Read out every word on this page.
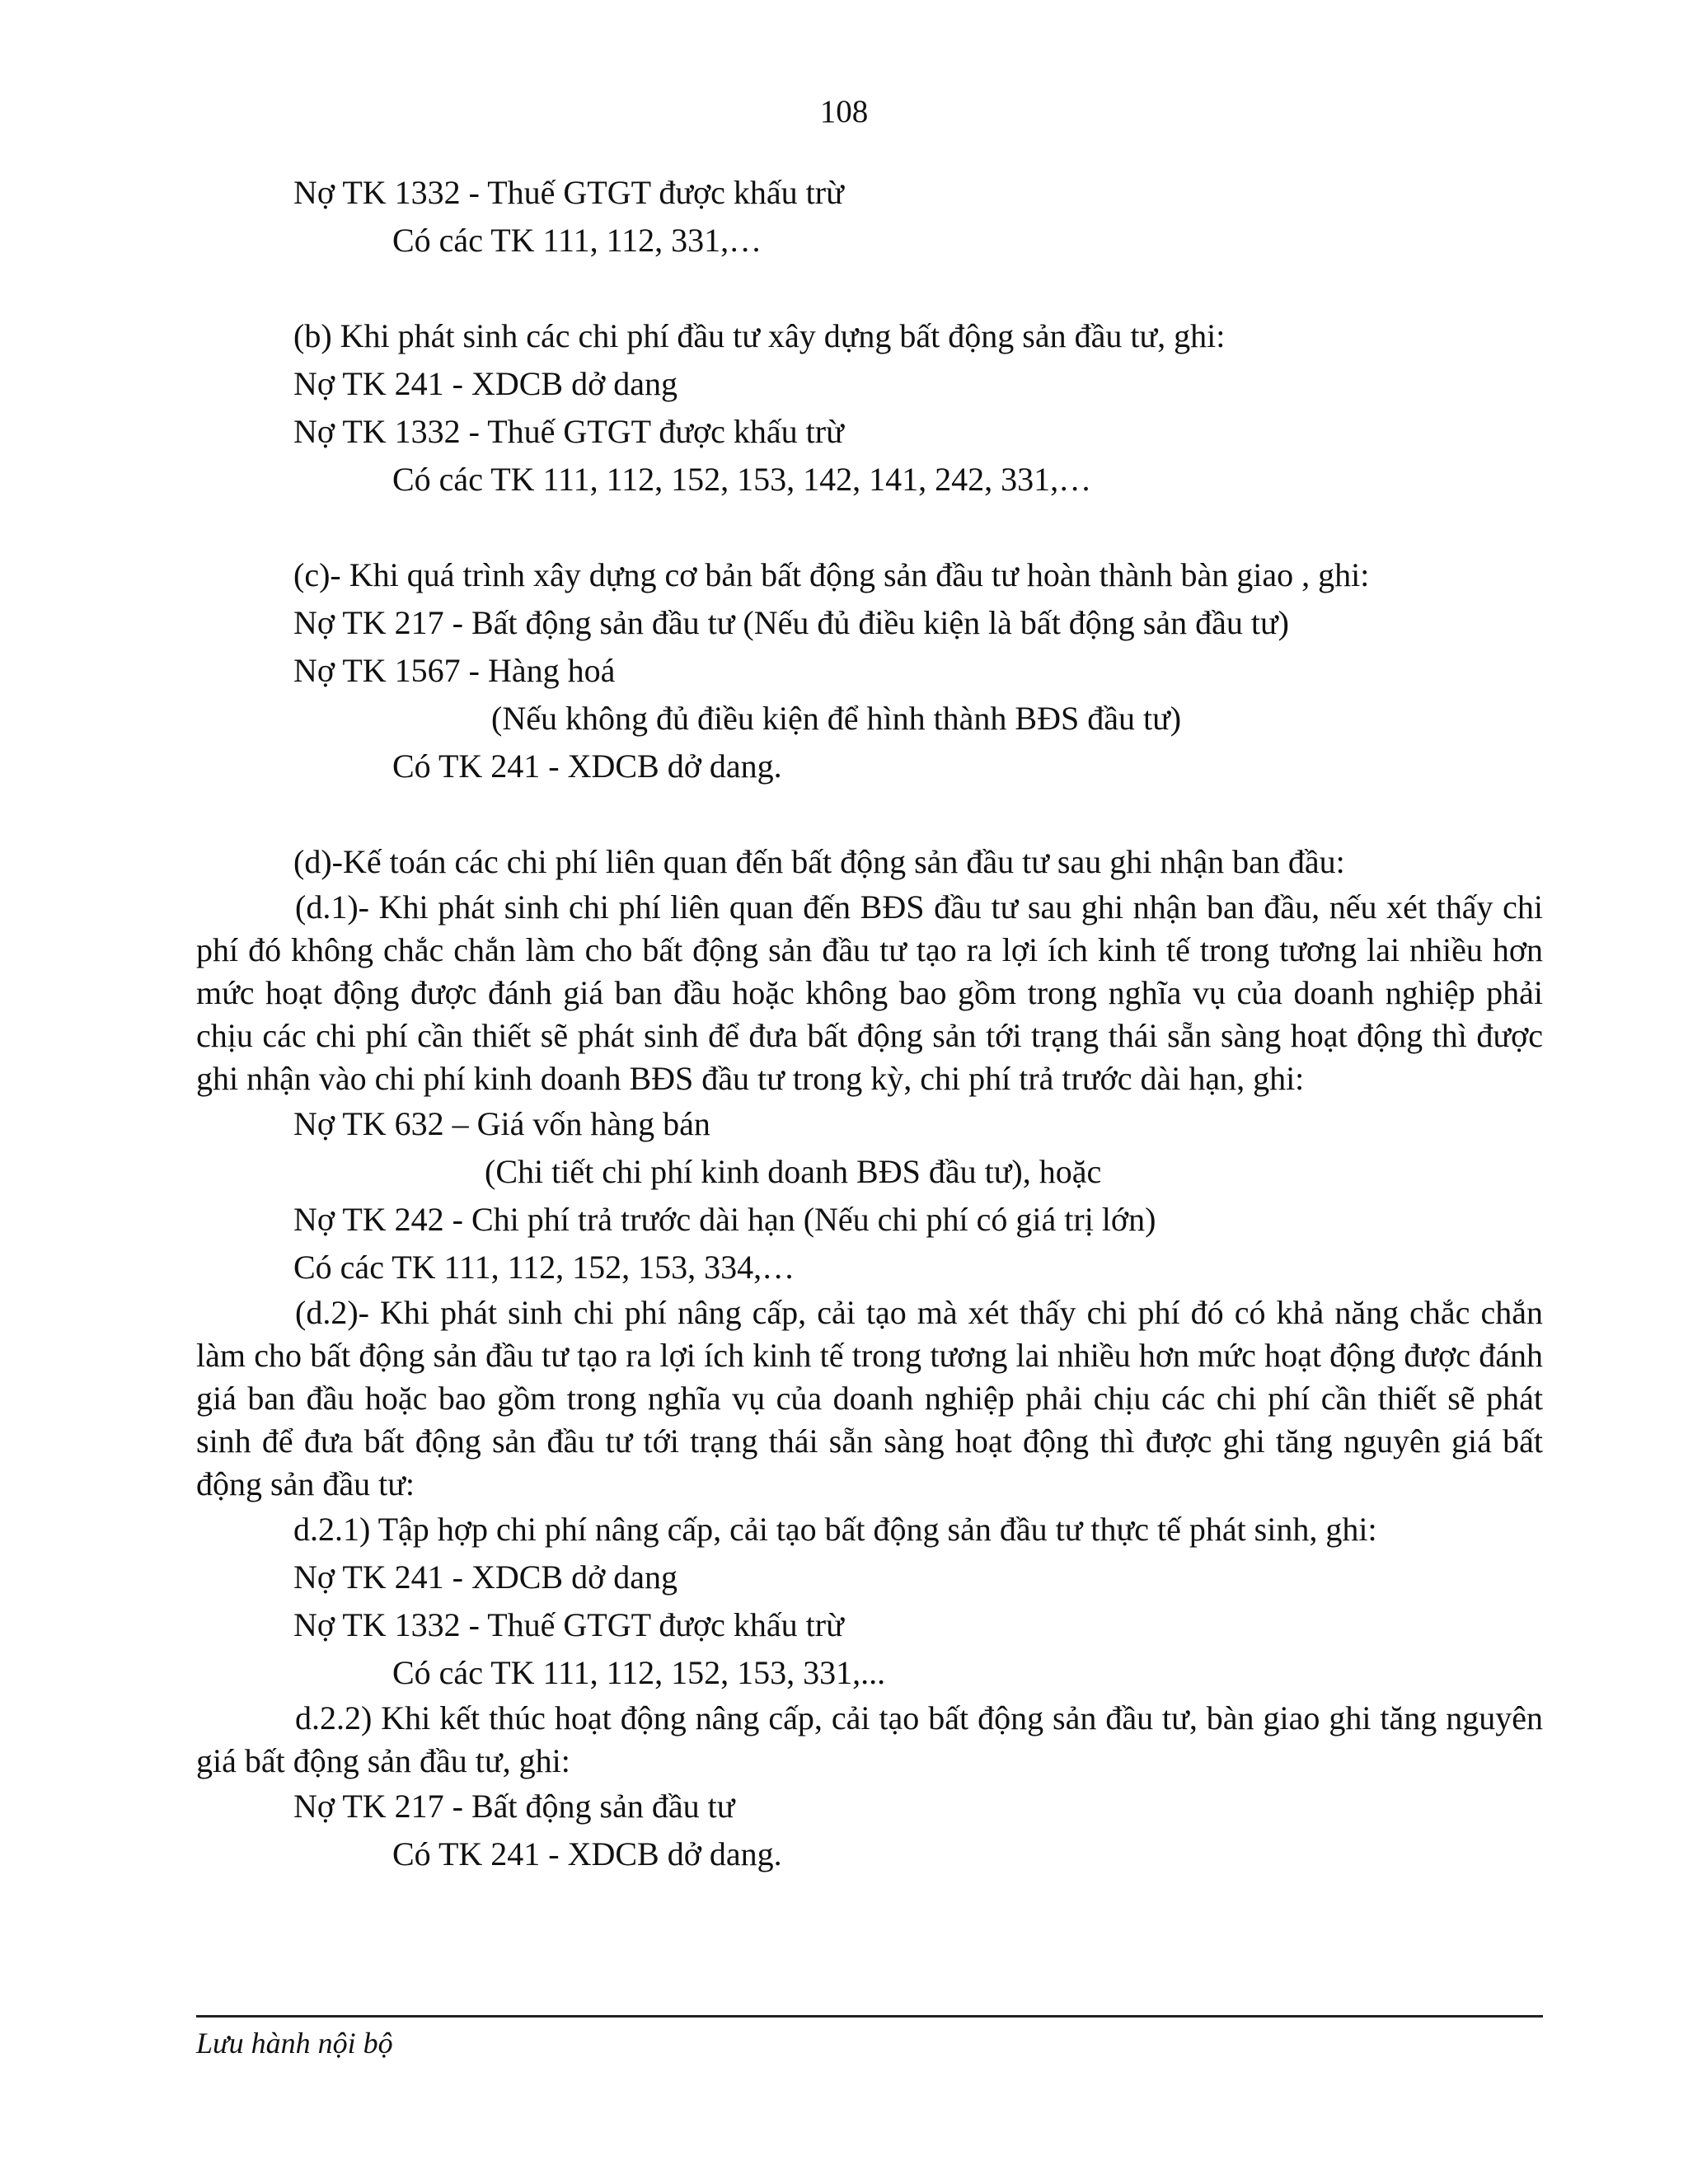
108

Nợ TK 1332 - Thuế GTGT được khấu trừ

Có các TK 111, 112, 331,…

(b) Khi phát sinh các chi phí đầu tư xây dựng bất động sản đầu tư, ghi:

Nợ TK 241 - XDCB dở dang

Nợ TK 1332 - Thuế GTGT được khấu trừ

Có các TK 111, 112, 152, 153, 142, 141, 242, 331,…

(c)- Khi quá trình xây dựng cơ bản bất động sản đầu tư hoàn thành bàn giao , ghi:

Nợ TK 217 - Bất động sản đầu tư (Nếu đủ điều kiện là bất động sản đầu tư)

Nợ TK 1567 - Hàng hoá

(Nếu không đủ điều kiện để hình thành BĐS đầu tư)

Có TK 241 - XDCB dở dang.

(d)-Kế toán các chi phí liên quan đến bất động sản đầu tư sau ghi nhận ban đầu:

(d.1)- Khi phát sinh chi phí liên quan đến BĐS đầu tư sau ghi nhận ban đầu, nếu xét thấy chi phí đó không chắc chắn làm cho bất động sản đầu tư tạo ra lợi ích kinh tế trong tương lai nhiều hơn mức hoạt động được đánh giá ban đầu hoặc không bao gồm trong nghĩa vụ của doanh nghiệp phải chịu các chi phí cần thiết sẽ phát sinh để đưa bất động sản tới trạng thái sẵn sàng hoạt động thì được ghi nhận vào chi phí kinh doanh BĐS đầu tư trong kỳ, chi phí trả trước dài hạn, ghi:

Nợ TK 632 – Giá vốn hàng bán

(Chi tiết chi phí kinh doanh BĐS đầu tư), hoặc

Nợ TK 242 - Chi phí trả trước dài hạn (Nếu chi phí có giá trị lớn)

Có các TK 111, 112, 152, 153, 334,…

(d.2)- Khi phát sinh chi phí nâng cấp, cải tạo mà xét thấy chi phí đó có khả năng chắc chắn làm cho bất động sản đầu tư tạo ra lợi ích kinh tế trong tương lai nhiều hơn mức hoạt động được đánh giá ban đầu hoặc bao gồm trong nghĩa vụ của doanh nghiệp phải chịu các chi phí cần thiết sẽ phát sinh để đưa bất động sản đầu tư tới trạng thái sẵn sàng hoạt động thì được ghi tăng nguyên giá bất động sản đầu tư:

d.2.1) Tập hợp chi phí nâng cấp, cải tạo bất động sản đầu tư thực tế phát sinh, ghi:

Nợ TK 241 - XDCB dở dang

Nợ TK 1332 - Thuế GTGT được khấu trừ

Có các TK 111, 112, 152, 153, 331,...

d.2.2) Khi kết thúc hoạt động nâng cấp, cải tạo bất động sản đầu tư, bàn giao ghi tăng nguyên giá bất động sản đầu tư, ghi:

Nợ TK 217 - Bất động sản đầu tư

Có TK 241 - XDCB dở dang.

Lưu hành nội bộ
